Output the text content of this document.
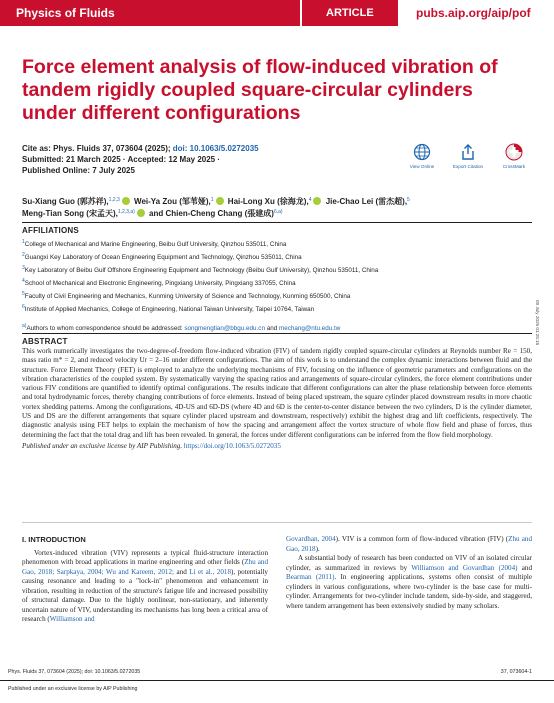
Physics of Fluids	ARTICLE	pubs.aip.org/aip/pof
Force element analysis of flow-induced vibration of tandem rigidly coupled square-circular cylinders under different configurations
Cite as: Phys. Fluids 37, 073604 (2025); doi: 10.1063/5.0272035
Submitted: 21 March 2025 · Accepted: 12 May 2025 ·
Published Online: 7 July 2025	View Online	Export Citation	CrossMark
Su-Xiang Guo (郭苏祥),$^{1,2,3}$ Wei-Ya Zou (邹苇娅),$^1$ Hai-Long Xu (徐海龙),$^4$ Jie-Chao Lei (雷杰超),$^5$
Meng-Tian Song (宋孟天),$^{1,2,3,a)}$ and Chien-Cheng Chang (張建成)$^{6,a)}$
AFFILIATIONS
$^1$College of Mechanical and Marine Engineering, Beibu Gulf University, Qinzhou 535011, China
$^2$Guangxi Key Laboratory of Ocean Engineering Equipment and Technology, Qinzhou 535011, China
$^3$Key Laboratory of Beibu Gulf Offshore Engineering Equipment and Technology (Beibu Gulf University), Qinzhou 535011, China
$^4$School of Mechanical and Electronic Engineering, Pingxiang University, Pingxiang 337055, China
$^5$Faculty of Civil Engineering and Mechanics, Kunming University of Science and Technology, Kunming 650500, China
$^6$Institute of Applied Mechanics, College of Engineering, National Taiwan University, Taipei 10764, Taiwan
$^{a)}$Authors to whom correspondence should be addressed: songmengtian@bbgu.edu.cn and mechang@ntu.edu.tw
ABSTRACT
This work numerically investigates the two-degree-of-freedom flow-induced vibration (FIV) of tandem rigidly coupled square-circular cylinders at Reynolds number Re = 150, mass ratio m* = 2, and reduced velocity Ur = 2–16 under different configurations. The aim of this work is to understand the complex dynamic interactions between fluid and the structure. Force Element Theory (FET) is employed to analyze the underlying mechanisms of FIV, focusing on the influence of geometric parameters and configurations on the vibration characteristics of the coupled system. By systematically varying the spacing ratios and arrangements of square-circular cylinders, the force element contributions under various FIV conditions are quantified to identify optimal configurations. The results indicate that different configurations can alter the phase relationship between force elements and total hydrodynamic forces, thereby changing contributions of force elements. Instead of being placed upstream, the square cylinder placed downstream results in more chaotic vortex shedding patterns. Among the configurations, 4D-US and 6D-DS (where 4D and 6D is the center-to-center distance between the two cylinders, D is the cylinder diameter, US and DS are the different arrangements that square cylinder placed upstream and downstream, respectively) exhibit the highest drag and lift coefficients, respectively. The diagnostic analysis using FET helps to explain the mechanism of how the spacing and arrangement affect the vortex structure of whole flow field and phase of forces, thus determining the fact that the total drag and lift has been revealed. In general, the forces under different configurations can be inferred from the flow field morphology.
Published under an exclusive license by AIP Publishing. https://doi.org/10.1063/5.0272035
I. INTRODUCTION
Vortex-induced vibration (VIV) represents a typical fluid-structure interaction phenomenon with broad applications in marine engineering and other fields (Zhu and Gao, 2018; Sarpkaya, 2004; Wu and Kareem, 2012; and Li et al., 2018), potentially causing resonance and leading to a "lock-in" phenomenon and enhancement in vibration, resulting in reduction of the structure's fatigue life and increased possibility of structural damage. Due to the highly nonlinear, non-stationary, and inherently uncertain nature of VIV, understanding its mechanisms has long been a critical area of research (Williamson and
Govardhan, 2004). VIV is a common form of flow-induced vibration (FIV) (Zhu and Gao, 2018).
A substantial body of research has been conducted on VIV of an isolated circular cylinder, as summarized in reviews by Williamson and Govardhan (2004) and Bearman (2011). In engineering applications, systems often consist of multiple cylinders in various configurations, where two-cylinder is the base case for multi-cylinder. Arrangements for two-cylinder include tandem, side-by-side, and staggered, where tandem arrangement has been extensively studied by many scholars.
09 July 2025 01:25:15
Phys. Fluids 37, 073604 (2025); doi: 10.1063/5.0272035	37, 073604-1
Published under an exclusive license by AIP Publishing
